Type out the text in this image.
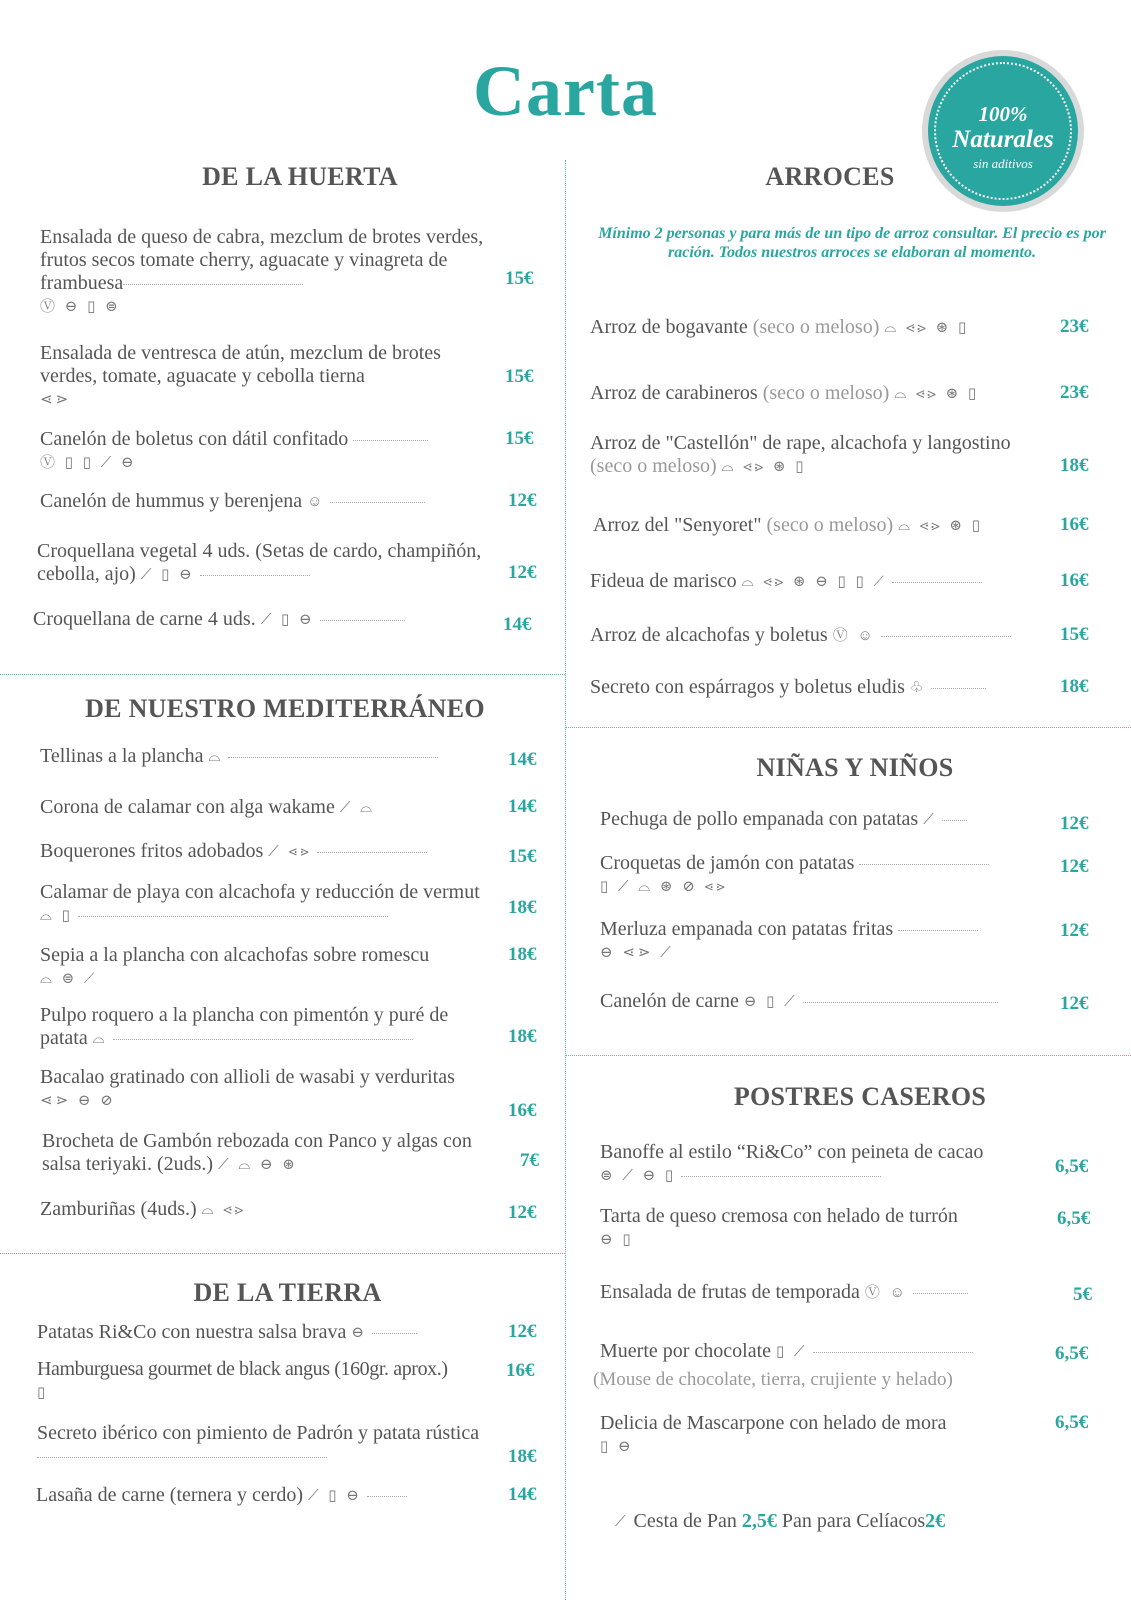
Carta	100%
Naturales
sin aditivos
DE LA HUERTA
Ensalada de queso de cabra, mezclum de brotes verdes, frutos secos tomate cherry, aguacate y vinagreta de frambuesa
Ⓥ ⊖ ▯ ⊜
15€
Ensalada de ventresca de atún, mezclum de brotes verdes, tomate, aguacate y cebolla tierna
⋖⋗
15€
Canelón de boletus con dátil confitado
Ⓥ ▯ ▯ ⟋ ⊖
15€
Canelón de hummus y berenjena ☺	12€
Croquellana vegetal 4 uds. (Setas de cardo, champiñón, cebolla, ajo) ⟋ ▯ ⊖	12€
Croquellana de carne 4 uds. ⟋ ▯ ⊖	14€
DE NUESTRO MEDITERRÁNEO
Tellinas a la plancha ⌓	14€
Corona de calamar con alga wakame ⟋ ⌓	14€
Boquerones fritos adobados ⟋ ⋖⋗	15€
Calamar de playa con alcachofa y reducción de vermut ⌓ ▯	18€
Sepia a la plancha con alcachofas sobre romescu
⌓ ⊜ ⟋
18€
Pulpo roquero a la plancha con pimentón y puré de patata ⌓	18€
Bacalao gratinado con allioli de wasabi y verduritas ⋖⋗ ⊖ ⊘	16€
Brocheta de Gambón rebozada con Panco y algas con salsa teriyaki. (2uds.) ⟋ ⌓ ⊖ ⊛	7€
Zamburiñas (4uds.) ⌓ ⋖⋗	12€
DE LA TIERRA
Patatas Ri&Co con nuestra salsa brava ⊖	12€
Hamburguesa gourmet de black angus (160gr. aprox.)
▯
16€
Secreto ibérico con pimiento de Padrón y patata rústica
18€
Lasaña de carne (ternera y cerdo) ⟋ ▯ ⊖	14€
ARROCES
Mínimo 2 personas y para más de un tipo de arroz consultar. El precio es por ración. Todos nuestros arroces se elaboran al momento.
Arroz de bogavante (seco o meloso) ⌓ ⋖⋗ ⊛ ▯	23€
Arroz de carabineros (seco o meloso) ⌓ ⋖⋗ ⊛ ▯	23€
Arroz de "Castellón" de rape, alcachofa y langostino (seco o meloso) ⌓ ⋖⋗ ⊛ ▯	18€
Arroz del "Senyoret" (seco o meloso) ⌓ ⋖⋗ ⊛ ▯	16€
Fideua de marisco ⌓ ⋖⋗ ⊛ ⊖ ▯ ▯ ⟋	16€
Arroz de alcachofas y boletus Ⓥ ☺	15€
Secreto con espárragos y boletus eludis ♧	18€
NIÑAS Y NIÑOS
Pechuga de pollo empanada con patatas ⟋	12€
Croquetas de jamón con patatas
▯ ⟋ ⌓ ⊛ ⊘ ⋖⋗
12€
Merluza empanada con patatas fritas
⊖ ⋖⋗ ⟋
12€
Canelón de carne ⊖ ▯ ⟋	12€
POSTRES CASEROS
Banoffe al estilo “Ri&Co” con peineta de cacao ⊜ ⟋ ⊖ ▯	6,5€
Tarta de queso cremosa con helado de turrón
⊖ ▯
6,5€
Ensalada de frutas de temporada Ⓥ ☺	5€
Muerte por chocolate ▯ ⟋
(Mouse de chocolate, tierra, crujiente y helado)
6,5€
Delicia de Mascarpone con helado de mora
▯ ⊖
6,5€
⟋ Cesta de Pan 2,5€ Pan para Celíacos2€
